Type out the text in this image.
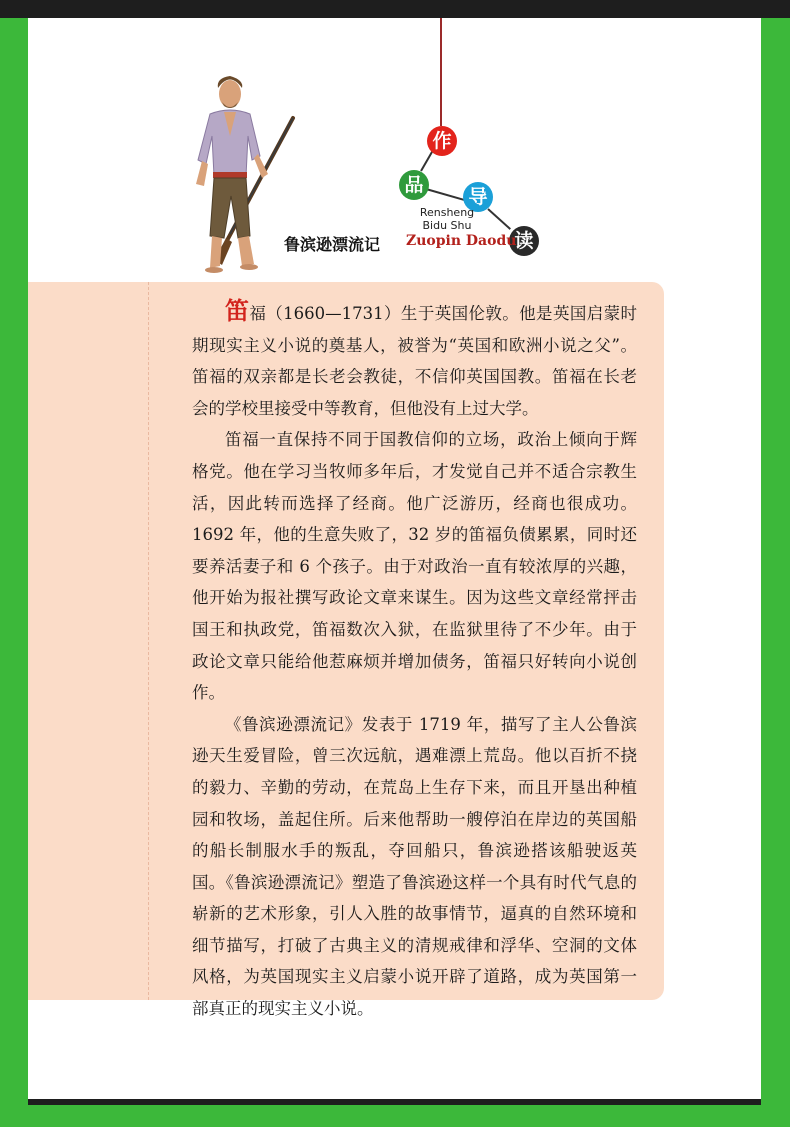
作
品
导
读
Rensheng
Bidu Shu
鲁滨逊漂流记 Zuopin Daodu

笛福（1660—1731）生于英国伦敦。他是英国启蒙时期现实主义小说的奠基人，被誉为“英国和欧洲小说之父”。笛福的双亲都是长老会教徒，不信仰英国国教。笛福在长老会的学校里接受中等教育，但他没有上过大学。

笛福一直保持不同于国教信仰的立场，政治上倾向于辉格党。他在学习当牧师多年后，才发觉自己并不适合宗教生活，因此转而选择了经商。他广泛游历，经商也很成功。1692 年，他的生意失败了，32 岁的笛福负债累累，同时还要养活妻子和 6 个孩子。由于对政治一直有较浓厚的兴趣，他开始为报社撰写政论文章来谋生。因为这些文章经常抨击国王和执政党，笛福数次入狱，在监狱里待了不少年。由于政论文章只能给他惹麻烦并增加债务，笛福只好转向小说创作。

《鲁滨逊漂流记》发表于 1719 年，描写了主人公鲁滨逊天生爱冒险，曾三次远航，遇难漂上荒岛。他以百折不挠的毅力、辛勤的劳动，在荒岛上生存下来，而且开垦出种植园和牧场，盖起住所。后来他帮助一艘停泊在岸边的英国船的船长制服水手的叛乱，夺回船只，鲁滨逊搭该船驶返英国。《鲁滨逊漂流记》塑造了鲁滨逊这样一个具有时代气息的崭新的艺术形象，引人入胜的故事情节，逼真的自然环境和细节描写，打破了古典主义的清规戒律和浮华、空洞的文体风格，为英国现实主义启蒙小说开辟了道路，成为英国第一部真正的现实主义小说。
